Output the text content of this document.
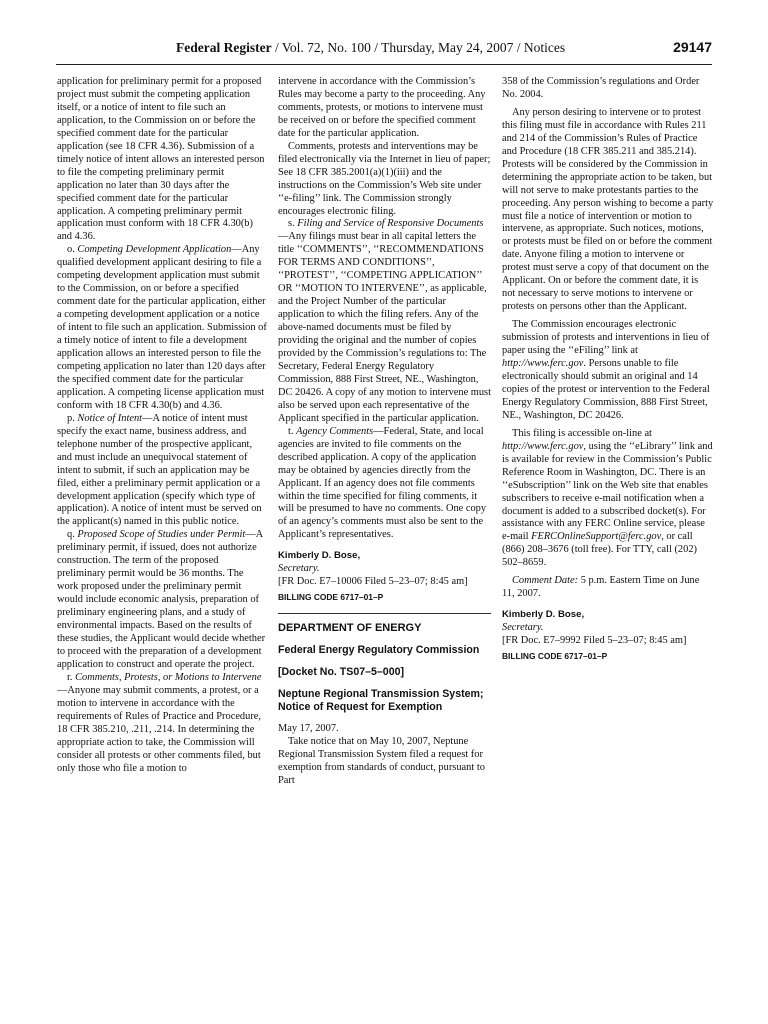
Federal Register / Vol. 72, No. 100 / Thursday, May 24, 2007 / Notices	29147

application for preliminary permit for a proposed project must submit the competing application itself, or a notice of intent to file such an application, to the Commission on or before the specified comment date for the particular application (see 18 CFR 4.36). Submission of a timely notice of intent allows an interested person to file the competing preliminary permit application no later than 30 days after the specified comment date for the particular application. A competing preliminary permit application must conform with 18 CFR 4.30(b) and 4.36.

o. Competing Development Application—Any qualified development applicant desiring to file a competing development application must submit to the Commission, on or before a specified comment date for the particular application, either a competing development application or a notice of intent to file such an application. Submission of a timely notice of intent to file a development application allows an interested person to file the competing application no later than 120 days after the specified comment date for the particular application. A competing license application must conform with 18 CFR 4.30(b) and 4.36.

p. Notice of Intent—A notice of intent must specify the exact name, business address, and telephone number of the prospective applicant, and must include an unequivocal statement of intent to submit, if such an application may be filed, either a preliminary permit application or a development application (specify which type of application). A notice of intent must be served on the applicant(s) named in this public notice.

q. Proposed Scope of Studies under Permit—A preliminary permit, if issued, does not authorize construction. The term of the proposed preliminary permit would be 36 months. The work proposed under the preliminary permit would include economic analysis, preparation of preliminary engineering plans, and a study of environmental impacts. Based on the results of these studies, the Applicant would decide whether to proceed with the preparation of a development application to construct and operate the project.

r. Comments, Protests, or Motions to Intervene—Anyone may submit comments, a protest, or a motion to intervene in accordance with the requirements of Rules of Practice and Procedure, 18 CFR 385.210, .211, .214. In determining the appropriate action to take, the Commission will consider all protests or other comments filed, but only those who file a motion to

intervene in accordance with the Commission’s Rules may become a party to the proceeding. Any comments, protests, or motions to intervene must be received on or before the specified comment date for the particular application.

Comments, protests and interventions may be filed electronically via the Internet in lieu of paper; See 18 CFR 385.2001(a)(1)(iii) and the instructions on the Commission’s Web site under ‘‘e-filing’’ link. The Commission strongly encourages electronic filing.

s. Filing and Service of Responsive Documents—Any filings must bear in all capital letters the title ‘‘COMMENTS’’, ‘‘RECOMMENDATIONS FOR TERMS AND CONDITIONS’’, ‘‘PROTEST’’, ‘‘COMPETING APPLICATION’’ OR ‘‘MOTION TO INTERVENE’’, as applicable, and the Project Number of the particular application to which the filing refers. Any of the above-named documents must be filed by providing the original and the number of copies provided by the Commission’s regulations to: The Secretary, Federal Energy Regulatory Commission, 888 First Street, NE., Washington, DC 20426. A copy of any motion to intervene must also be served upon each representative of the Applicant specified in the particular application.

t. Agency Comments—Federal, State, and local agencies are invited to file comments on the described application. A copy of the application may be obtained by agencies directly from the Applicant. If an agency does not file comments within the time specified for filing comments, it will be presumed to have no comments. One copy of an agency’s comments must also be sent to the Applicant’s representatives.

Kimberly D. Bose,

Secretary.

[FR Doc. E7–10006 Filed 5–23–07; 8:45 am]

BILLING CODE 6717–01–P

DEPARTMENT OF ENERGY

Federal Energy Regulatory Commission

[Docket No. TS07–5–000]

Neptune Regional Transmission System; Notice of Request for Exemption

May 17, 2007.

Take notice that on May 10, 2007, Neptune Regional Transmission System filed a request for exemption from standards of conduct, pursuant to Part

358 of the Commission’s regulations and Order No. 2004.

Any person desiring to intervene or to protest this filing must file in accordance with Rules 211 and 214 of the Commission’s Rules of Practice and Procedure (18 CFR 385.211 and 385.214). Protests will be considered by the Commission in determining the appropriate action to be taken, but will not serve to make protestants parties to the proceeding. Any person wishing to become a party must file a notice of intervention or motion to intervene, as appropriate. Such notices, motions, or protests must be filed on or before the comment date. Anyone filing a motion to intervene or protest must serve a copy of that document on the Applicant. On or before the comment date, it is not necessary to serve motions to intervene or protests on persons other than the Applicant.

The Commission encourages electronic submission of protests and interventions in lieu of paper using the ‘‘eFiling’’ link at http://www.ferc.gov. Persons unable to file electronically should submit an original and 14 copies of the protest or intervention to the Federal Energy Regulatory Commission, 888 First Street, NE., Washington, DC 20426.

This filing is accessible on-line at http://www.ferc.gov, using the ‘‘eLibrary’’ link and is available for review in the Commission’s Public Reference Room in Washington, DC. There is an ‘‘eSubscription’’ link on the Web site that enables subscribers to receive e-mail notification when a document is added to a subscribed docket(s). For assistance with any FERC Online service, please e-mail FERCOnlineSupport@ferc.gov, or call (866) 208–3676 (toll free). For TTY, call (202) 502–8659.

Comment Date: 5 p.m. Eastern Time on June 11, 2007.

Kimberly D. Bose,

Secretary.

[FR Doc. E7–9992 Filed 5–23–07; 8:45 am]

BILLING CODE 6717–01–P
